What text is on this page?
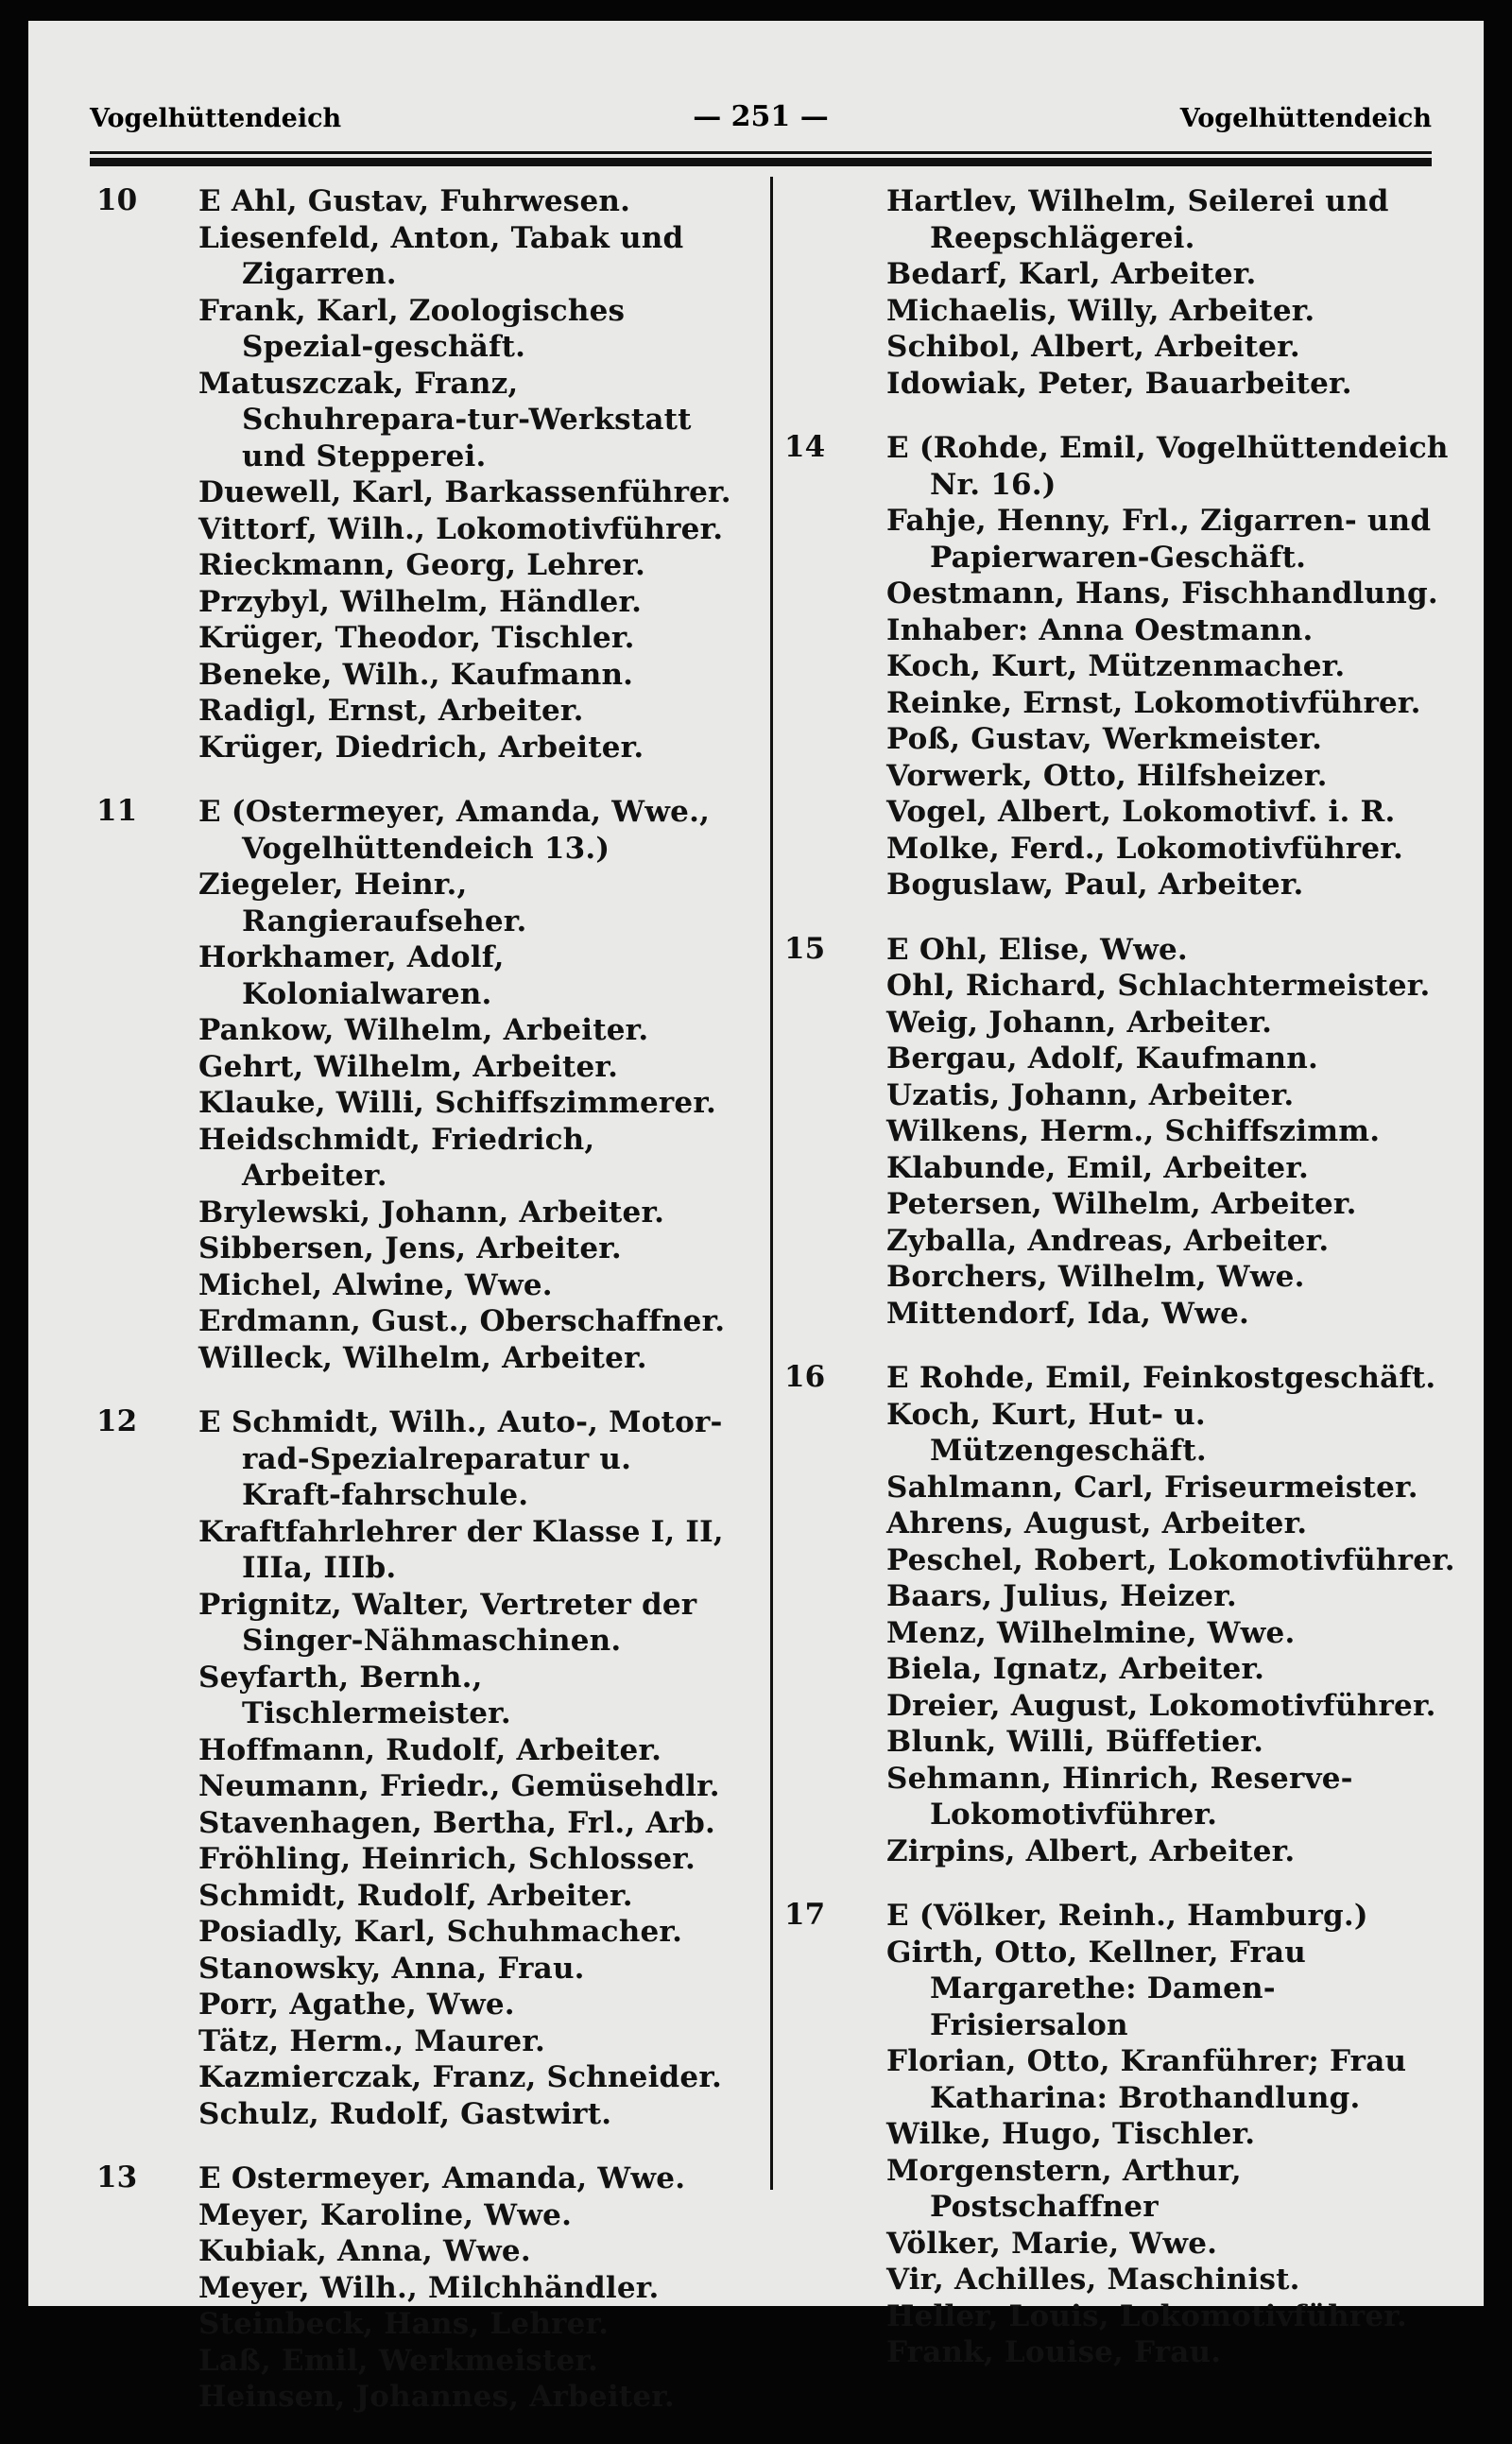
Vogelhüttendeich	— 251 —	Vogelhüttendeich
10	E Ahl, Gustav, Fuhrwesen.
Liesenfeld, Anton, Tabak und Zigarren.
Frank, Karl, Zoologisches Spezial-geschäft.
Matuszczak, Franz, Schuhrepara-tur-Werkstatt und Stepperei.
Duewell, Karl, Barkassenführer.
Vittorf, Wilh., Lokomotivführer.
Rieckmann, Georg, Lehrer.
Przybyl, Wilhelm, Händler.
Krüger, Theodor, Tischler.
Beneke, Wilh., Kaufmann.
Radigl, Ernst, Arbeiter.
Krüger, Diedrich, Arbeiter.
11	E (Ostermeyer, Amanda, Wwe., Vogelhüttendeich 13.)
Ziegeler, Heinr., Rangieraufseher.
Horkhamer, Adolf, Kolonialwaren.
Pankow, Wilhelm, Arbeiter.
Gehrt, Wilhelm, Arbeiter.
Klauke, Willi, Schiffszimmerer.
Heidschmidt, Friedrich, Arbeiter.
Brylewski, Johann, Arbeiter.
Sibbersen, Jens, Arbeiter.
Michel, Alwine, Wwe.
Erdmann, Gust., Oberschaffner.
Willeck, Wilhelm, Arbeiter.
12	E Schmidt, Wilh., Auto-, Motor-rad-Spezialreparatur u. Kraft-fahrschule.
Kraftfahrlehrer der Klasse I, II, IIIa, IIIb.
Prignitz, Walter, Vertreter der Singer-Nähmaschinen.
Seyfarth, Bernh., Tischlermeister.
Hoffmann, Rudolf, Arbeiter.
Neumann, Friedr., Gemüsehdlr.
Stavenhagen, Bertha, Frl., Arb.
Fröhling, Heinrich, Schlosser.
Schmidt, Rudolf, Arbeiter.
Posiadly, Karl, Schuhmacher.
Stanowsky, Anna, Frau.
Porr, Agathe, Wwe.
Tätz, Herm., Maurer.
Kazmierczak, Franz, Schneider.
Schulz, Rudolf, Gastwirt.
13	E Ostermeyer, Amanda, Wwe.
Meyer, Karoline, Wwe.
Kubiak, Anna, Wwe.
Meyer, Wilh., Milchhändler.
Steinbeck, Hans, Lehrer.
Laß, Emil, Werkmeister.
Heinsen, Johannes, Arbeiter.
Hartlev, Wilhelm, Seilerei und Reepschlägerei.
Bedarf, Karl, Arbeiter.
Michaelis, Willy, Arbeiter.
Schibol, Albert, Arbeiter.
Idowiak, Peter, Bauarbeiter.
14	E (Rohde, Emil, Vogelhüttendeich Nr. 16.)
Fahje, Henny, Frl., Zigarren- und Papierwaren-Geschäft.
Oestmann, Hans, Fischhandlung.
Inhaber: Anna Oestmann.
Koch, Kurt, Mützenmacher.
Reinke, Ernst, Lokomotivführer.
Poß, Gustav, Werkmeister.
Vorwerk, Otto, Hilfsheizer.
Vogel, Albert, Lokomotivf. i. R.
Molke, Ferd., Lokomotivführer.
Boguslaw, Paul, Arbeiter.
15	E Ohl, Elise, Wwe.
Ohl, Richard, Schlachtermeister.
Weig, Johann, Arbeiter.
Bergau, Adolf, Kaufmann.
Uzatis, Johann, Arbeiter.
Wilkens, Herm., Schiffszimm.
Klabunde, Emil, Arbeiter.
Petersen, Wilhelm, Arbeiter.
Zyballa, Andreas, Arbeiter.
Borchers, Wilhelm, Wwe.
Mittendorf, Ida, Wwe.
16	E Rohde, Emil, Feinkostgeschäft.
Koch, Kurt, Hut- u. Mützengeschäft.
Sahlmann, Carl, Friseurmeister.
Ahrens, August, Arbeiter.
Peschel, Robert, Lokomotivführer.
Baars, Julius, Heizer.
Menz, Wilhelmine, Wwe.
Biela, Ignatz, Arbeiter.
Dreier, August, Lokomotivführer.
Blunk, Willi, Büffetier.
Sehmann, Hinrich, Reserve-Lokomotivführer.
Zirpins, Albert, Arbeiter.
17	E (Völker, Reinh., Hamburg.)
Girth, Otto, Kellner, Frau Margarethe: Damen-Frisiersalon
Florian, Otto, Kranführer; Frau Katharina: Brothandlung.
Wilke, Hugo, Tischler.
Morgenstern, Arthur, Postschaffner
Völker, Marie, Wwe.
Vir, Achilles, Maschinist.
Heller, Louis, Lokomotivführer.
Frank, Louise, Frau.
